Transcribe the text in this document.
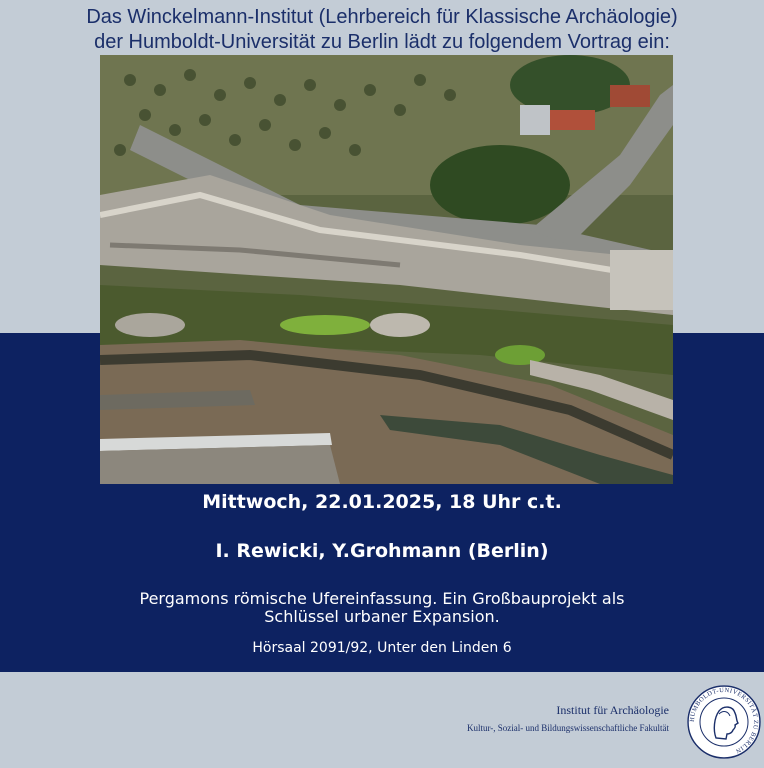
Das Winckelmann-Institut (Lehrbereich für Klassische Archäologie)
der Humboldt-Universität zu Berlin lädt zu folgendem Vortrag ein:
Mittwoch, 22.01.2025, 18 Uhr c.t.
I. Rewicki, Y.Grohmann (Berlin)
Pergamons römische Ufereinfassung. Ein Großbauprojekt als
Schlüssel urbaner Expansion.
Hörsaal 2091/92, Unter den Linden 6
Institut für Archäologie
Kultur-, Sozial- und Bildungswissenschaftliche Fakultät
HUMBOLDT-UNIVERSITÄT ZU BERLIN
